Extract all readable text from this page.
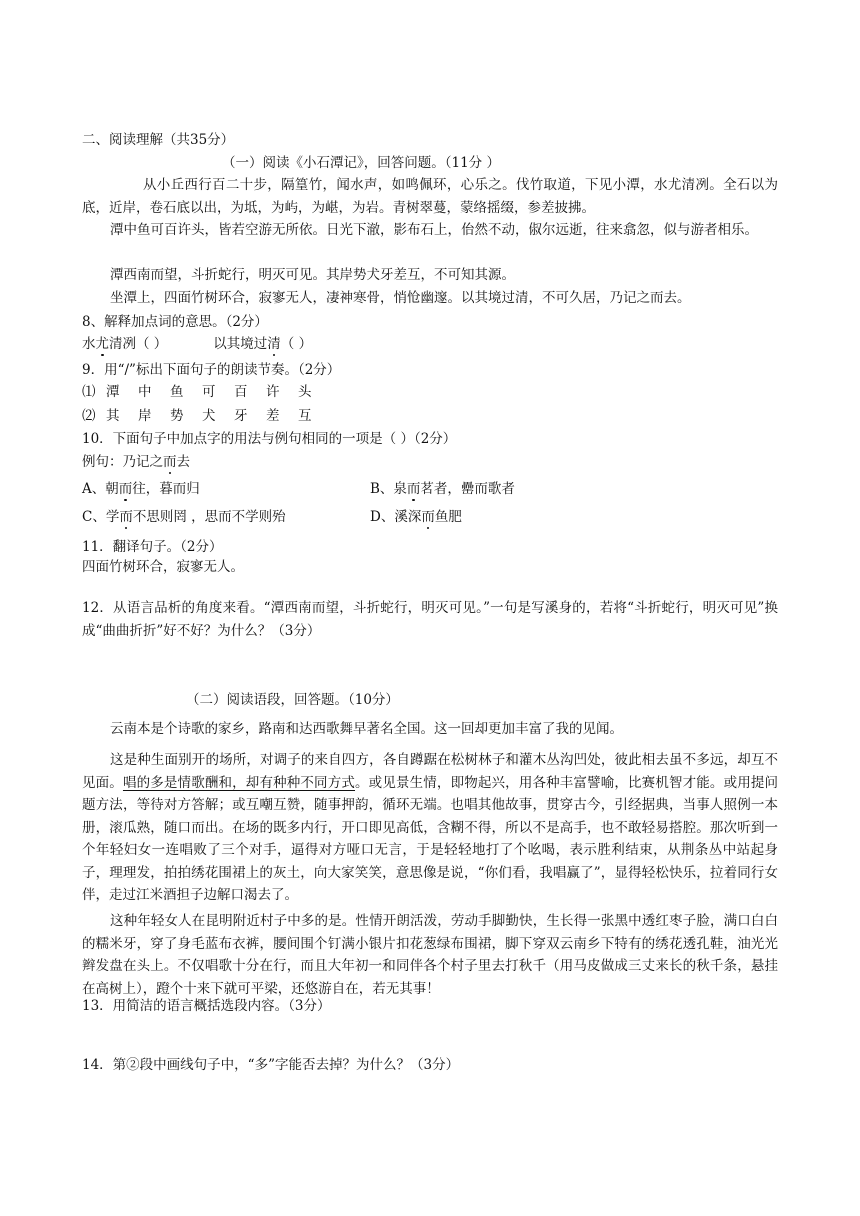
二、阅读理解（共35分）
（一）阅读《小石潭记》，回答问题。（11分 ）
从小丘西行百二十步，隔篁竹，闻水声，如鸣佩环，心乐之。伐竹取道，下见小潭，水尤清冽。全石以为底，近岸，卷石底以出，为坻，为屿，为嵁，为岩。青树翠蔓，蒙络摇缀，参差披拂。
潭中鱼可百许头，皆若空游无所依。日光下澈，影布石上，佁然不动，俶尔远逝，往来翕忽，似与游者相乐。
潭西南而望，斗折蛇行，明灭可见。其岸势犬牙差互，不可知其源。
坐潭上，四面竹树环合，寂寥无人，凄神寒骨，悄怆幽邃。以其境过清，不可久居，乃记之而去。
8、解释加点词的意思。（2分）
水尤清冽（ ）	以其境过清（ ）
9．用“/”标出下面句子的朗读节奏。（2分）
⑴ 潭 中 鱼 可 百 许 头
⑵ 其 岸 势 犬 牙 差 互
10．下面句子中加点字的用法与例句相同的一项是（ ）（2分）
例句：乃记之而去
A、朝而往，暮而归	B、泉而茗者，罍而歌者
C、学而不思则罔 ，思而不学则殆	D、溪深而鱼肥
11．翻译句子。（2分）
四面竹树环合，寂寥无人。
12．从语言品析的角度来看。“潭西南而望，斗折蛇行，明灭可见。”一句是写溪身的，若将“斗折蛇行，明灭可见”换成“曲曲折折”好不好？为什么？（3分）
（二）阅读语段，回答题。（10分）
云南本是个诗歌的家乡，路南和达西歌舞早著名全国。这一回却更加丰富了我的见闻。
这是种生面别开的场所，对调子的来自四方，各自蹲踞在松树林子和灌木丛沟凹处，彼此相去虽不多远，却互不见面。唱的多是情歌酬和，却有种种不同方式。或见景生情，即物起兴，用各种丰富譬喻，比赛机智才能。或用提问题方法，等待对方答解；或互嘲互赞，随事押韵，循环无端。也唱其他故事，贯穿古今，引经据典，当事人照例一本册，滚瓜熟，随口而出。在场的既多内行，开口即见高低，含糊不得，所以不是高手，也不敢轻易搭腔。那次听到一个年轻妇女一连唱败了三个对手，逼得对方哑口无言，于是轻轻地打了个吆喝，表示胜利结束，从荆条丛中站起身子，理理发，拍拍绣花围裙上的灰土，向大家笑笑，意思像是说，“你们看，我唱赢了”，显得轻松快乐，拉着同行女伴，走过江米酒担子边解口渴去了。
这种年轻女人在昆明附近村子中多的是。性情开朗活泼，劳动手脚勤快，生长得一张黑中透红枣子脸，满口白白的糯米牙，穿了身毛蓝布衣裤，腰间围个钉满小银片扣花葱绿布围裙，脚下穿双云南乡下特有的绣花透孔鞋，油光光辫发盘在头上。不仅唱歌十分在行，而且大年初一和同伴各个村子里去打秋千（用马皮做成三丈来长的秋千条，悬挂在高树上），蹬个十来下就可平梁，还悠游自在，若无其事！
13．用简洁的语言概括选段内容。（3分）
14．第②段中画线句子中，“多”字能否去掉？为什么？（3分）
